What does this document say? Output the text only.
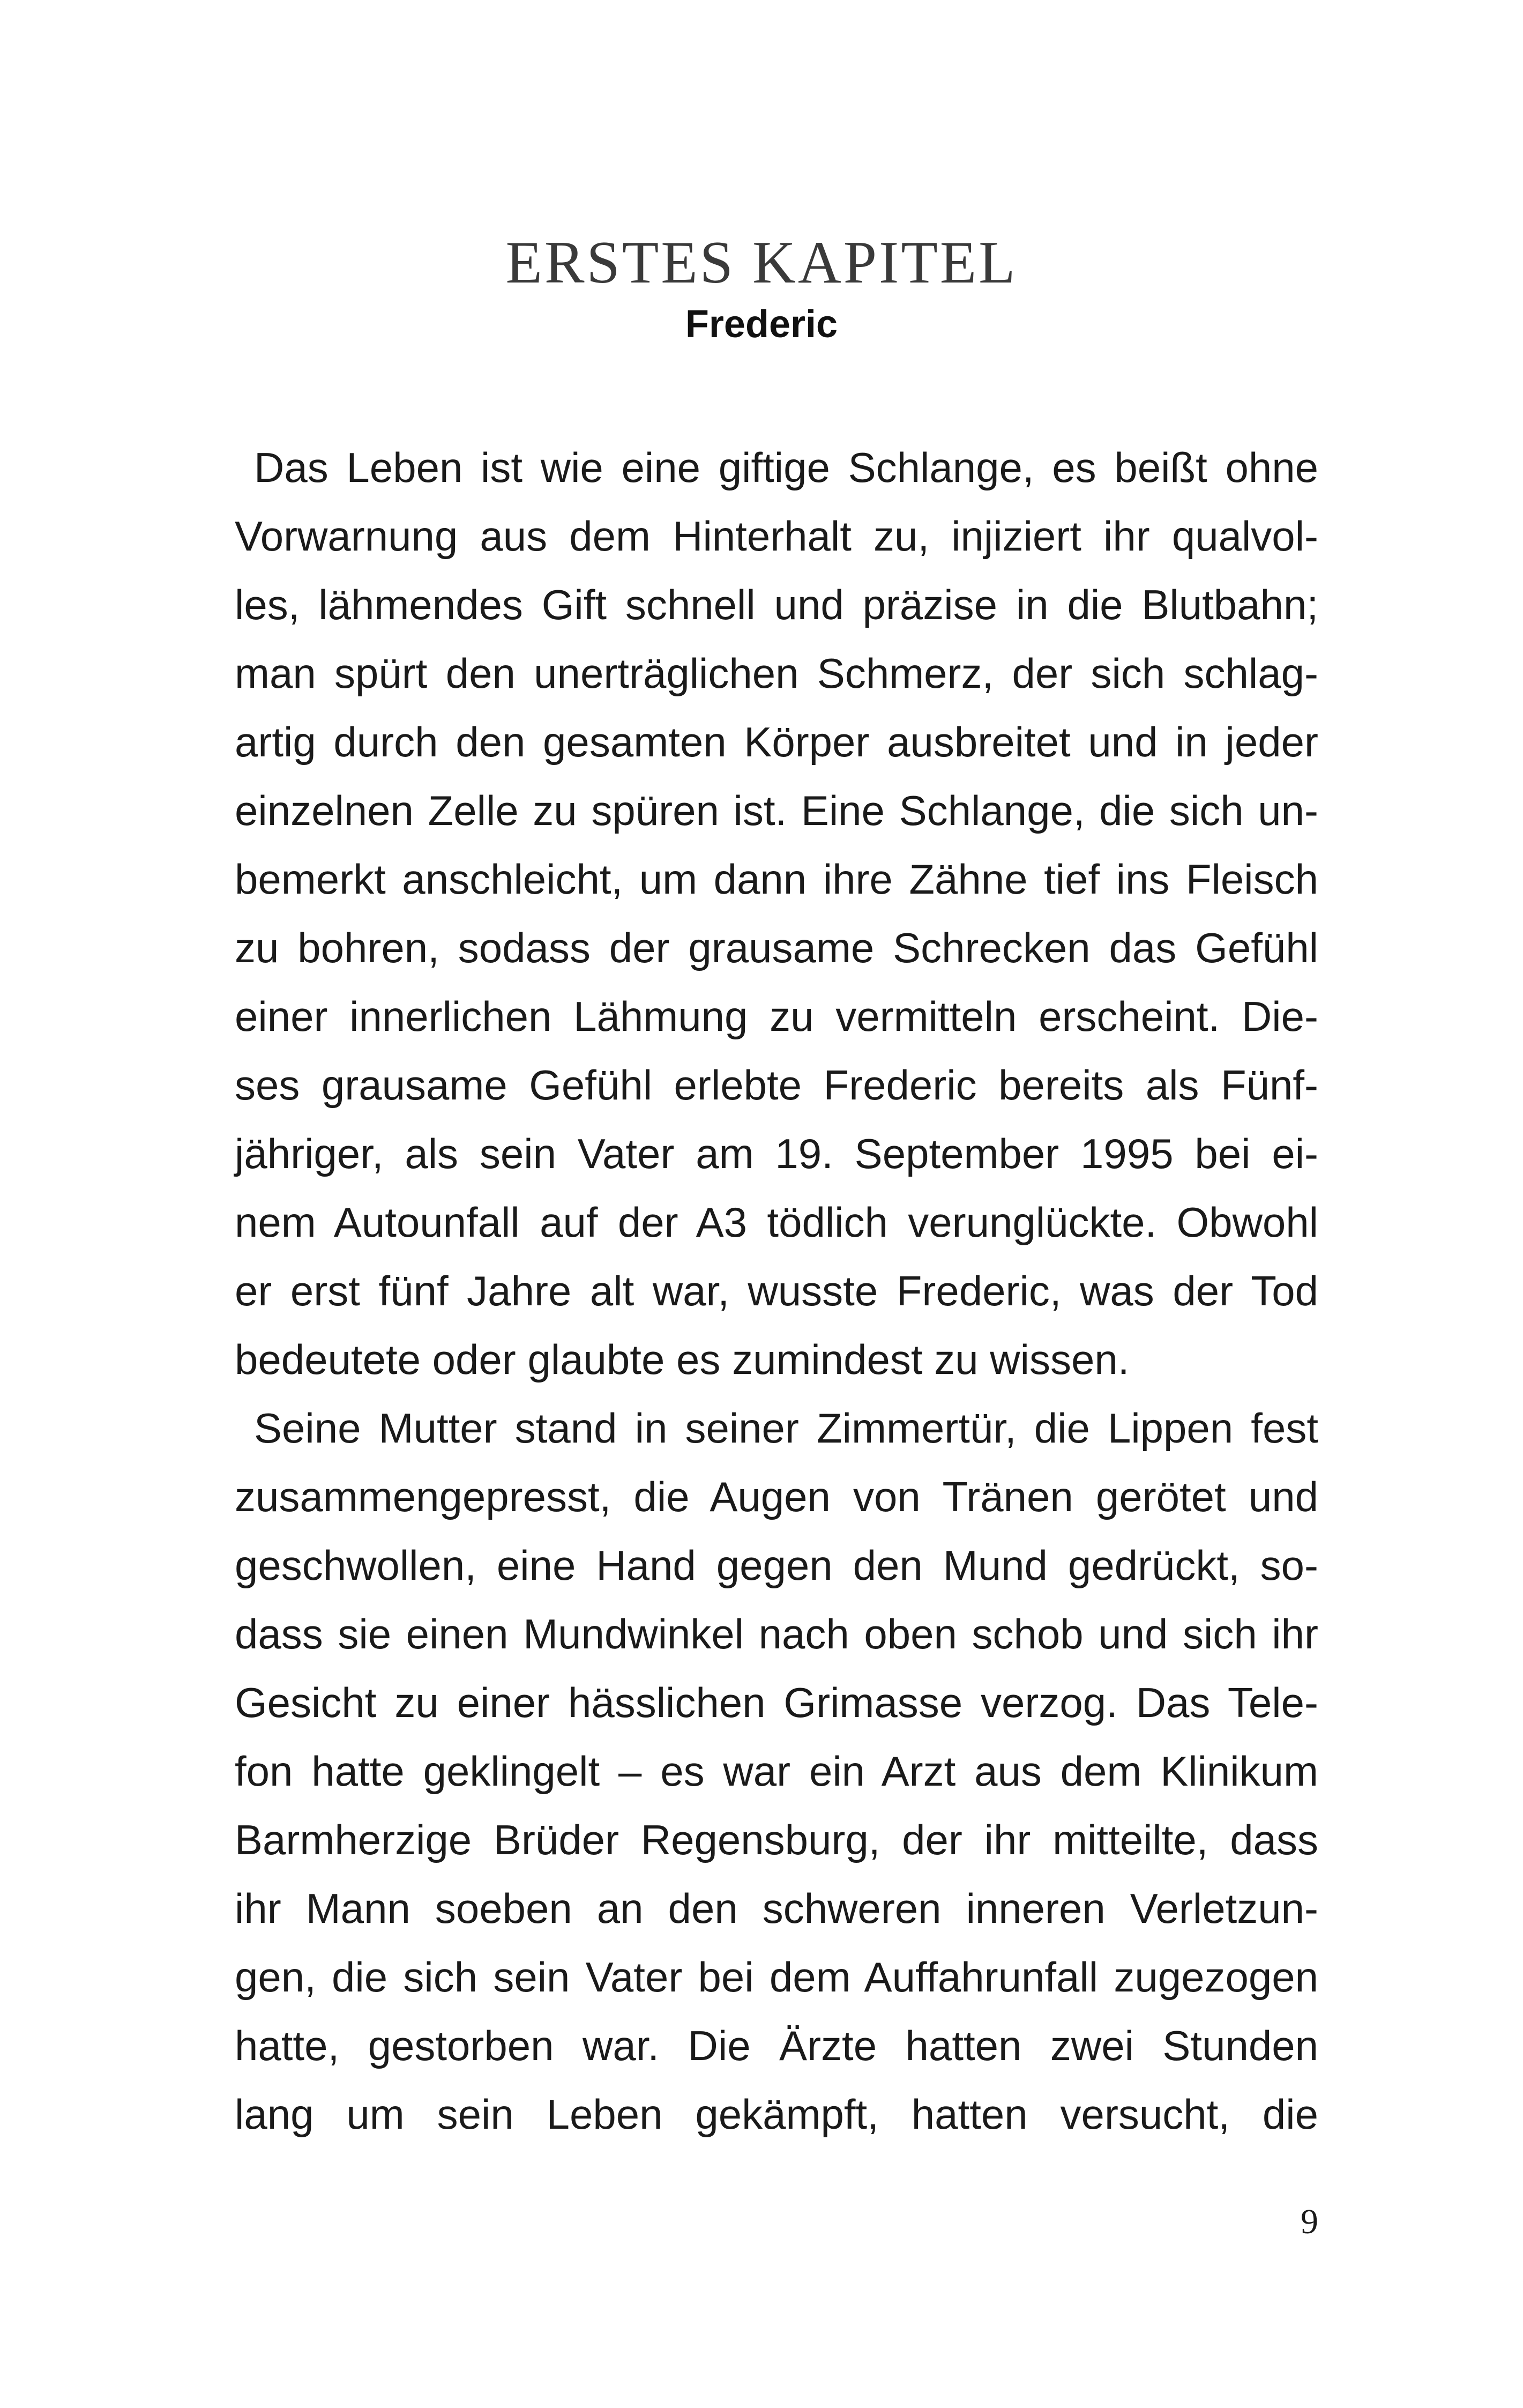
ERSTES KAPITEL
Frederic
Das Leben ist wie eine giftige Schlange, es beißt ohne
Vorwarnung aus dem Hinterhalt zu, injiziert ihr qualvol-
les, lähmendes Gift schnell und präzise in die Blutbahn;
man spürt den unerträglichen Schmerz, der sich schlag-
artig durch den gesamten Körper ausbreitet und in jeder
einzelnen Zelle zu spüren ist. Eine Schlange, die sich un-
bemerkt anschleicht, um dann ihre Zähne tief ins Fleisch
zu bohren, sodass der grausame Schrecken das Gefühl
einer innerlichen Lähmung zu vermitteln erscheint. Die-
ses grausame Gefühl erlebte Frederic bereits als Fünf-
jähriger, als sein Vater am 19. September 1995 bei ei-
nem Autounfall auf der A3 tödlich verunglückte. Obwohl
er erst fünf Jahre alt war, wusste Frederic, was der Tod
bedeutete oder glaubte es zumindest zu wissen.
Seine Mutter stand in seiner Zimmertür, die Lippen fest
zusammengepresst, die Augen von Tränen gerötet und
geschwollen, eine Hand gegen den Mund gedrückt, so-
dass sie einen Mundwinkel nach oben schob und sich ihr
Gesicht zu einer hässlichen Grimasse verzog. Das Tele-
fon hatte geklingelt – es war ein Arzt aus dem Klinikum
Barmherzige Brüder Regensburg, der ihr mitteilte, dass
ihr Mann soeben an den schweren inneren Verletzun-
gen, die sich sein Vater bei dem Auffahrunfall zugezogen
hatte, gestorben war. Die Ärzte hatten zwei Stunden
lang um sein Leben gekämpft, hatten versucht, die
9
